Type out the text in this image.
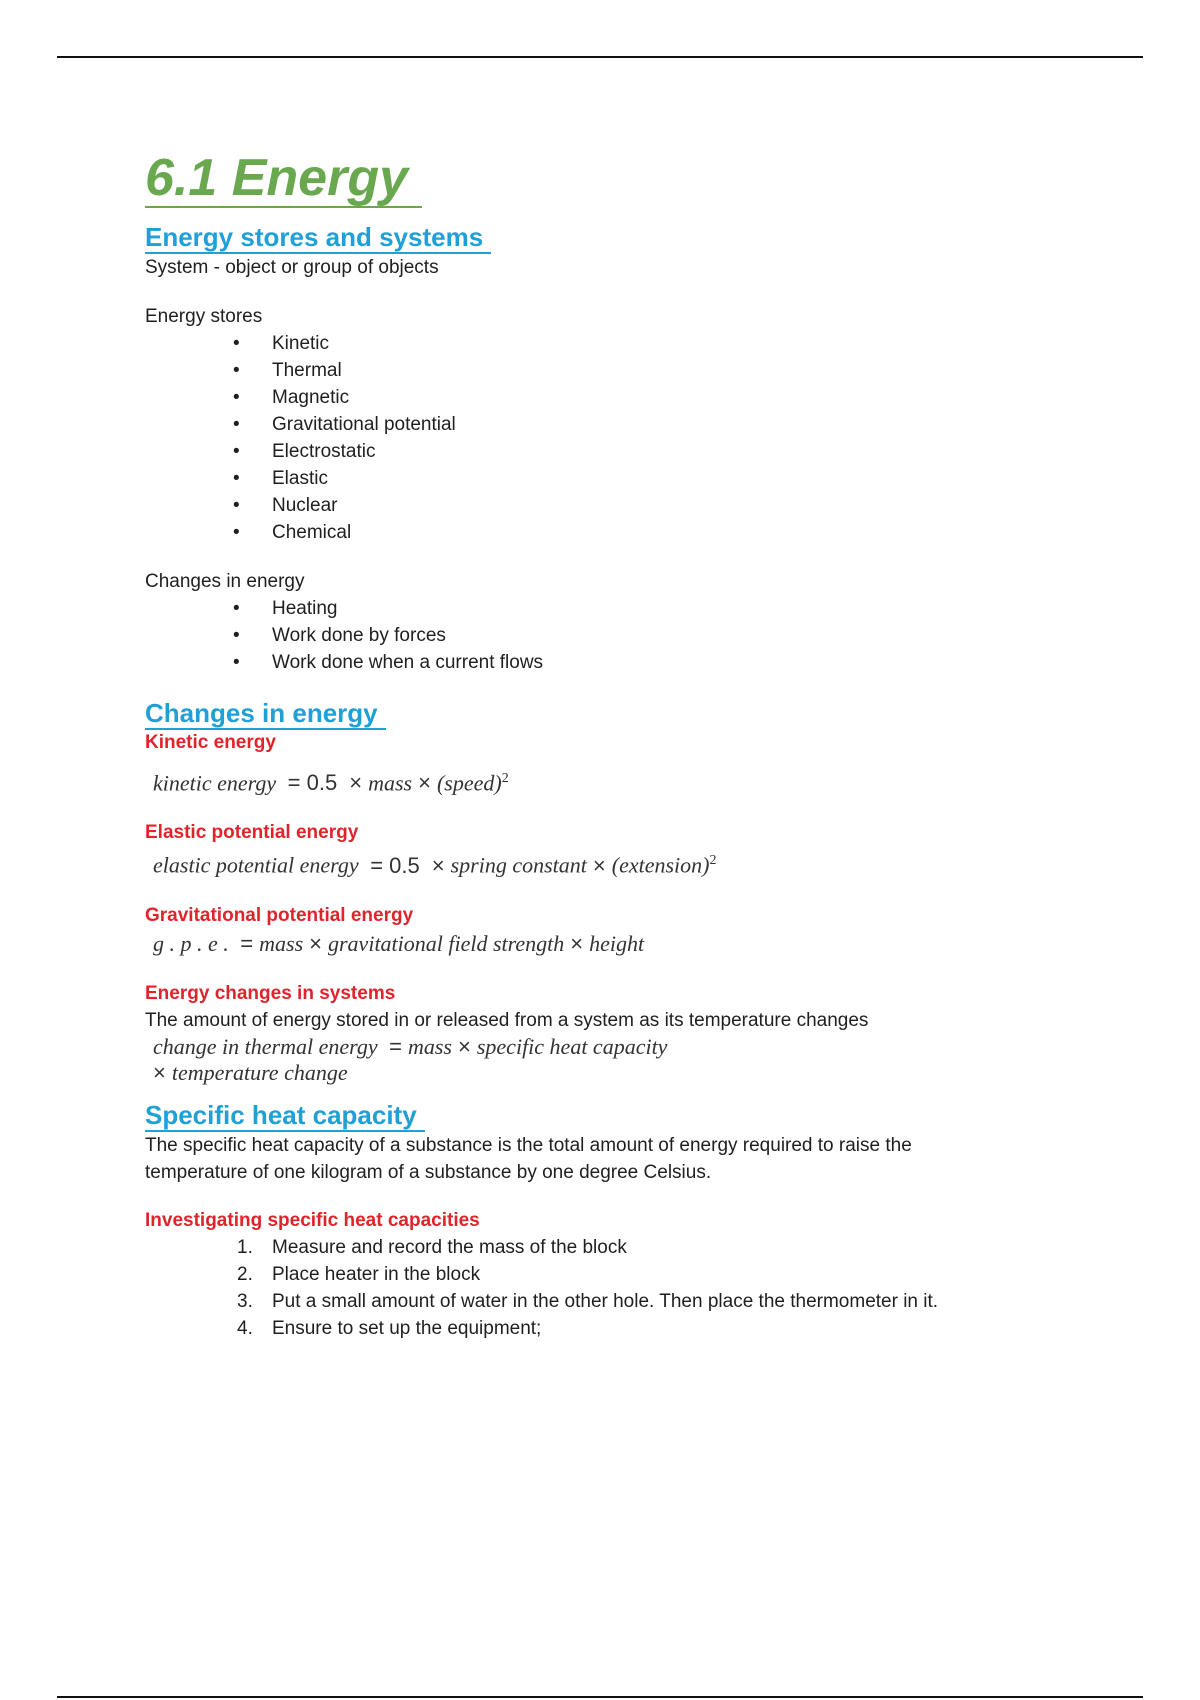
6.1 Energy
Energy stores and systems

System - object or group of objects

Energy stores

• Kinetic
• Thermal
• Magnetic
• Gravitational potential
• Electrostatic
• Elastic
• Nuclear
• Chemical

Changes in energy

• Heating
• Work done by forces
• Work done when a current flows
Changes in energy
Kinetic energy

kinetic energy = 0.5 × mass × (speed)$^2$

Elastic potential energy

elastic potential energy = 0.5 × spring constant × (extension)$^2$

Gravitational potential energy

g . p . e . = mass × gravitational field strength × height

Energy changes in systems

The amount of energy stored in or released from a system as its temperature changes

change in thermal energy = mass × specific heat capacity
× temperature change

Specific heat capacity

The specific heat capacity of a substance is the total amount of energy required to raise the

temperature of one kilogram of a substance by one degree Celsius.

Investigating specific heat capacities
1. Measure and record the mass of the block
2. Place heater in the block
3. Put a small amount of water in the other hole. Then place the thermometer in it.
4. Ensure to set up the equipment;
